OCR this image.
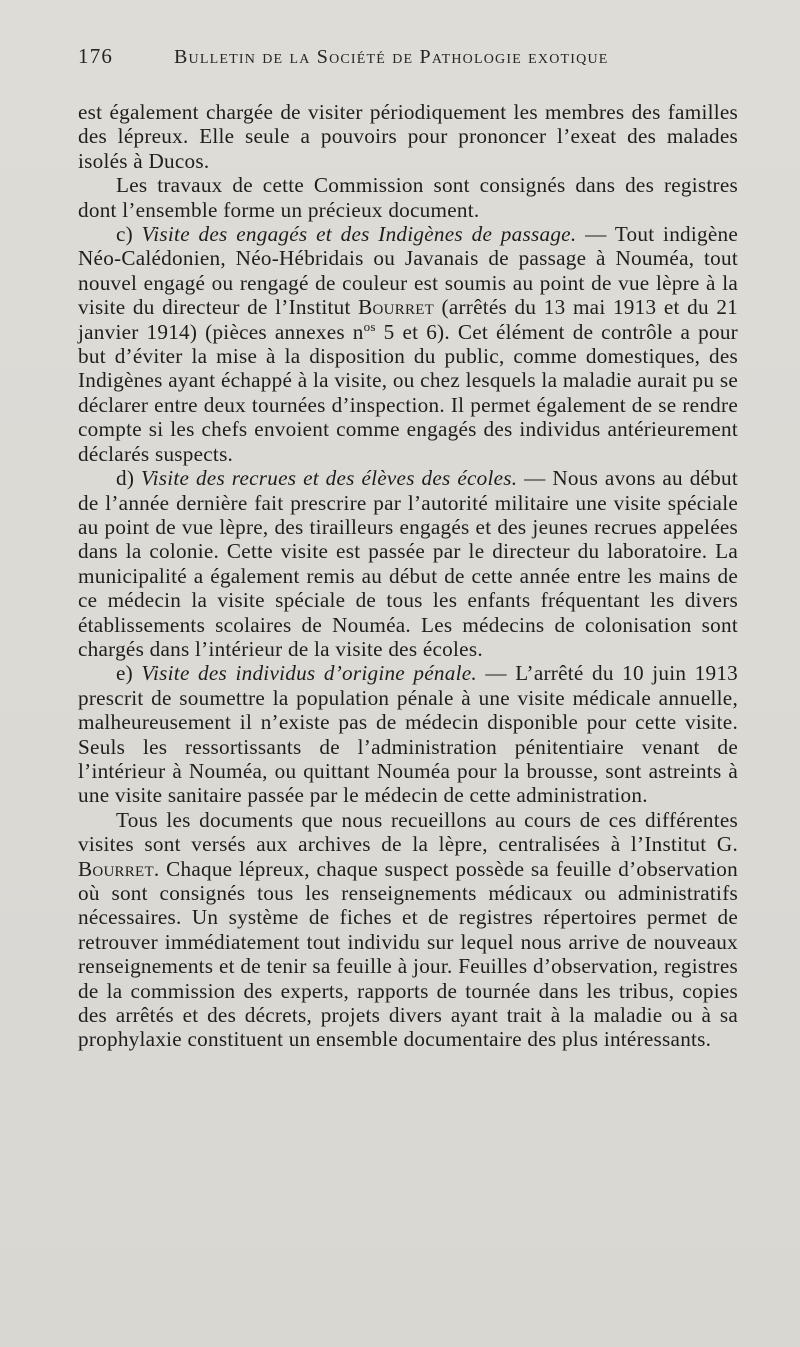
176	Bulletin de la Société de Pathologie exotique

est également chargée de visiter périodiquement les membres des familles des lépreux. Elle seule a pouvoirs pour prononcer l’exeat des malades isolés à Ducos.

Les travaux de cette Commission sont consignés dans des registres dont l’ensemble forme un précieux document.

c) Visite des engagés et des Indigènes de passage. — Tout indigène Néo-Calédonien, Néo-Hébridais ou Javanais de passage à Nouméa, tout nouvel engagé ou rengagé de couleur est soumis au point de vue lèpre à la visite du directeur de l’Institut Bourret (arrêtés du 13 mai 1913 et du 21 janvier 1914) (pièces annexes $n^{os}$ 5 et 6). Cet élément de contrôle a pour but d’éviter la mise à la disposition du public, comme domestiques, des Indigènes ayant échappé à la visite, ou chez lesquels la maladie aurait pu se déclarer entre deux tournées d’inspection. Il permet également de se rendre compte si les chefs envoient comme engagés des individus antérieurement déclarés suspects.

d) Visite des recrues et des élèves des écoles. — Nous avons au début de l’année dernière fait prescrire par l’autorité militaire une visite spéciale au point de vue lèpre, des tirailleurs engagés et des jeunes recrues appelées dans la colonie. Cette visite est passée par le directeur du laboratoire. La municipalité a également remis au début de cette année entre les mains de ce médecin la visite spéciale de tous les enfants fréquentant les divers établissements scolaires de Nouméa. Les médecins de colonisation sont chargés dans l’intérieur de la visite des écoles.

e) Visite des individus d’origine pénale. — L’arrêté du 10 juin 1913 prescrit de soumettre la population pénale à une visite médicale annuelle, malheureusement il n’existe pas de médecin disponible pour cette visite. Seuls les ressortissants de l’administration pénitentiaire venant de l’intérieur à Nouméa, ou quittant Nouméa pour la brousse, sont astreints à une visite sanitaire passée par le médecin de cette administration.

Tous les documents que nous recueillons au cours de ces différentes visites sont versés aux archives de la lèpre, centralisées à l’Institut G. Bourret. Chaque lépreux, chaque suspect possède sa feuille d’observation où sont consignés tous les renseignements médicaux ou administratifs nécessaires. Un système de fiches et de registres répertoires permet de retrouver immédiatement tout individu sur lequel nous arrive de nouveaux renseignements et de tenir sa feuille à jour. Feuilles d’observation, registres de la commission des experts, rapports de tournée dans les tribus, copies des arrêtés et des décrets, projets divers ayant trait à la maladie ou à sa prophylaxie constituent un ensemble documentaire des plus intéressants.
